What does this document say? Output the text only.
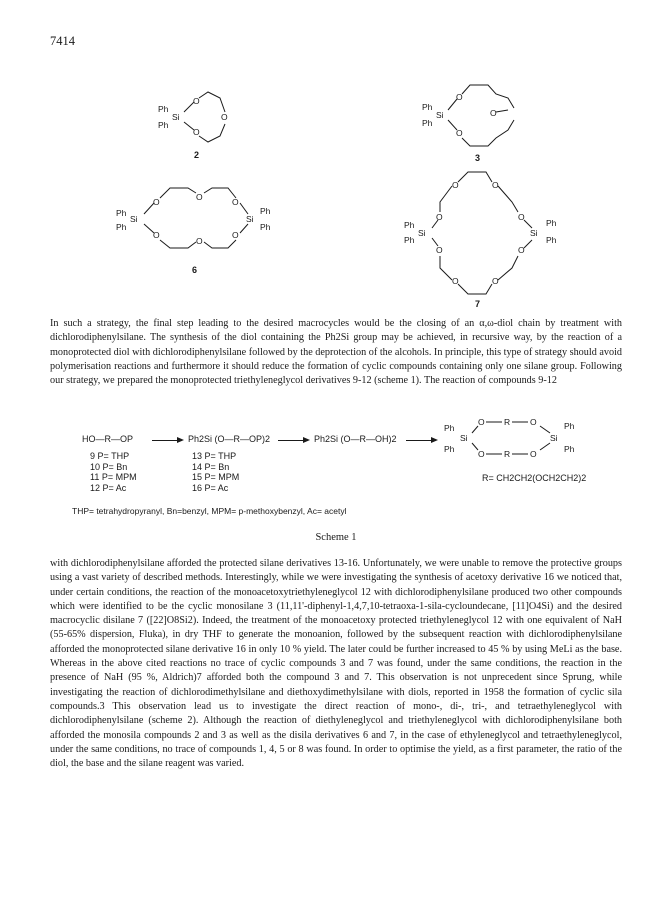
7414
Ph
Ph
Si
O
O
O
2
Ph
Ph
Si
O
O
O
3
Ph
Ph
Si
O
O
O
O
O
O
Si
Ph
Ph
6
Ph
Ph
Si
O
O
O	O
O	O
O
O
Si
Ph
Ph
7

In such a strategy, the final step leading to the desired macrocycles would be the closing of an α,ω-diol chain by treatment with dichlorodiphenylsilane. The synthesis of the diol containing the Ph2Si group may be achieved, in recursive way, by the reaction of a monoprotected diol with dichlorodiphenylsilane followed by the deprotection of the alcohols. In principle, this type of strategy should avoid polymerisation reactions and furthermore it should reduce the formation of cyclic compounds containing only one silane group. Following our strategy, we prepared the monoprotected triethyleneglycol derivatives 9-12 (scheme 1). The reaction of compounds 9-12

HO—R—OP	Ph2Si (O—R—OP)2	Ph2Si (O—R—OH)2
9 P= THP
10 P= Bn
11 P= MPM
12 P= Ac
13 P= THP
14 P= Bn
15 P= MPM
16 P= Ac
Ph
Ph
Si
O R O
O R O
Si
Ph
Ph
R= CH2CH2(OCH2CH2)2
THP= tetrahydropyranyl, Bn=benzyl, MPM= p-methoxybenzyl, Ac= acetyl
Scheme 1

with dichlorodiphenylsilane afforded the protected silane derivatives 13-16. Unfortunately, we were unable to remove the protective groups using a vast variety of described methods. Interestingly, while we were investigating the synthesis of acetoxy derivative 16 we noticed that, under certain conditions, the reaction of the monoacetoxytriethyleneglycol 12 with dichlorodiphenylsilane produced two other compounds which were identified to be the cyclic monosilane 3 (11,11'-diphenyl-1,4,7,10-tetraoxa-1-sila-cycloundecane, [11]O4Si) and the desired macrocyclic disilane 7 ([22]O8Si2). Indeed, the treatment of the monoacetoxy protected triethyleneglycol 12 with one equivalent of NaH (55-65% dispersion, Fluka), in dry THF to generate the monoanion, followed by the subsequent reaction with dichlorodiphenylsilane afforded the monoprotected silane derivative 16 in only 10 % yield. The later could be further increased to 45 % by using MeLi as the base. Whereas in the above cited reactions no trace of cyclic compounds 3 and 7 was found, under the same conditions, the reaction in the presence of NaH (95 %, Aldrich)7 afforded both the compound 3 and 7. This observation is not unprecedent since Sprung, while investigating the reaction of dichlorodimethylsilane and diethoxydimethylsilane with diols, reported in 1958 the formation of cyclic sila compounds.3 This observation lead us to investigate the direct reaction of mono-, di-, tri-, and tetraethyleneglycol with dichlorodiphenylsilane (scheme 2). Although the reaction of diethyleneglycol and triethyleneglycol with dichlorodiphenylsilane both afforded the monosila compounds 2 and 3 as well as the disila derivatives 6 and 7, in the case of ethyleneglycol and tetraethyleneglycol, under the same conditions, no trace of compounds 1, 4, 5 or 8 was found. In order to optimise the yield, as a first parameter, the ratio of the diol, the base and the silane reagent was varied.
